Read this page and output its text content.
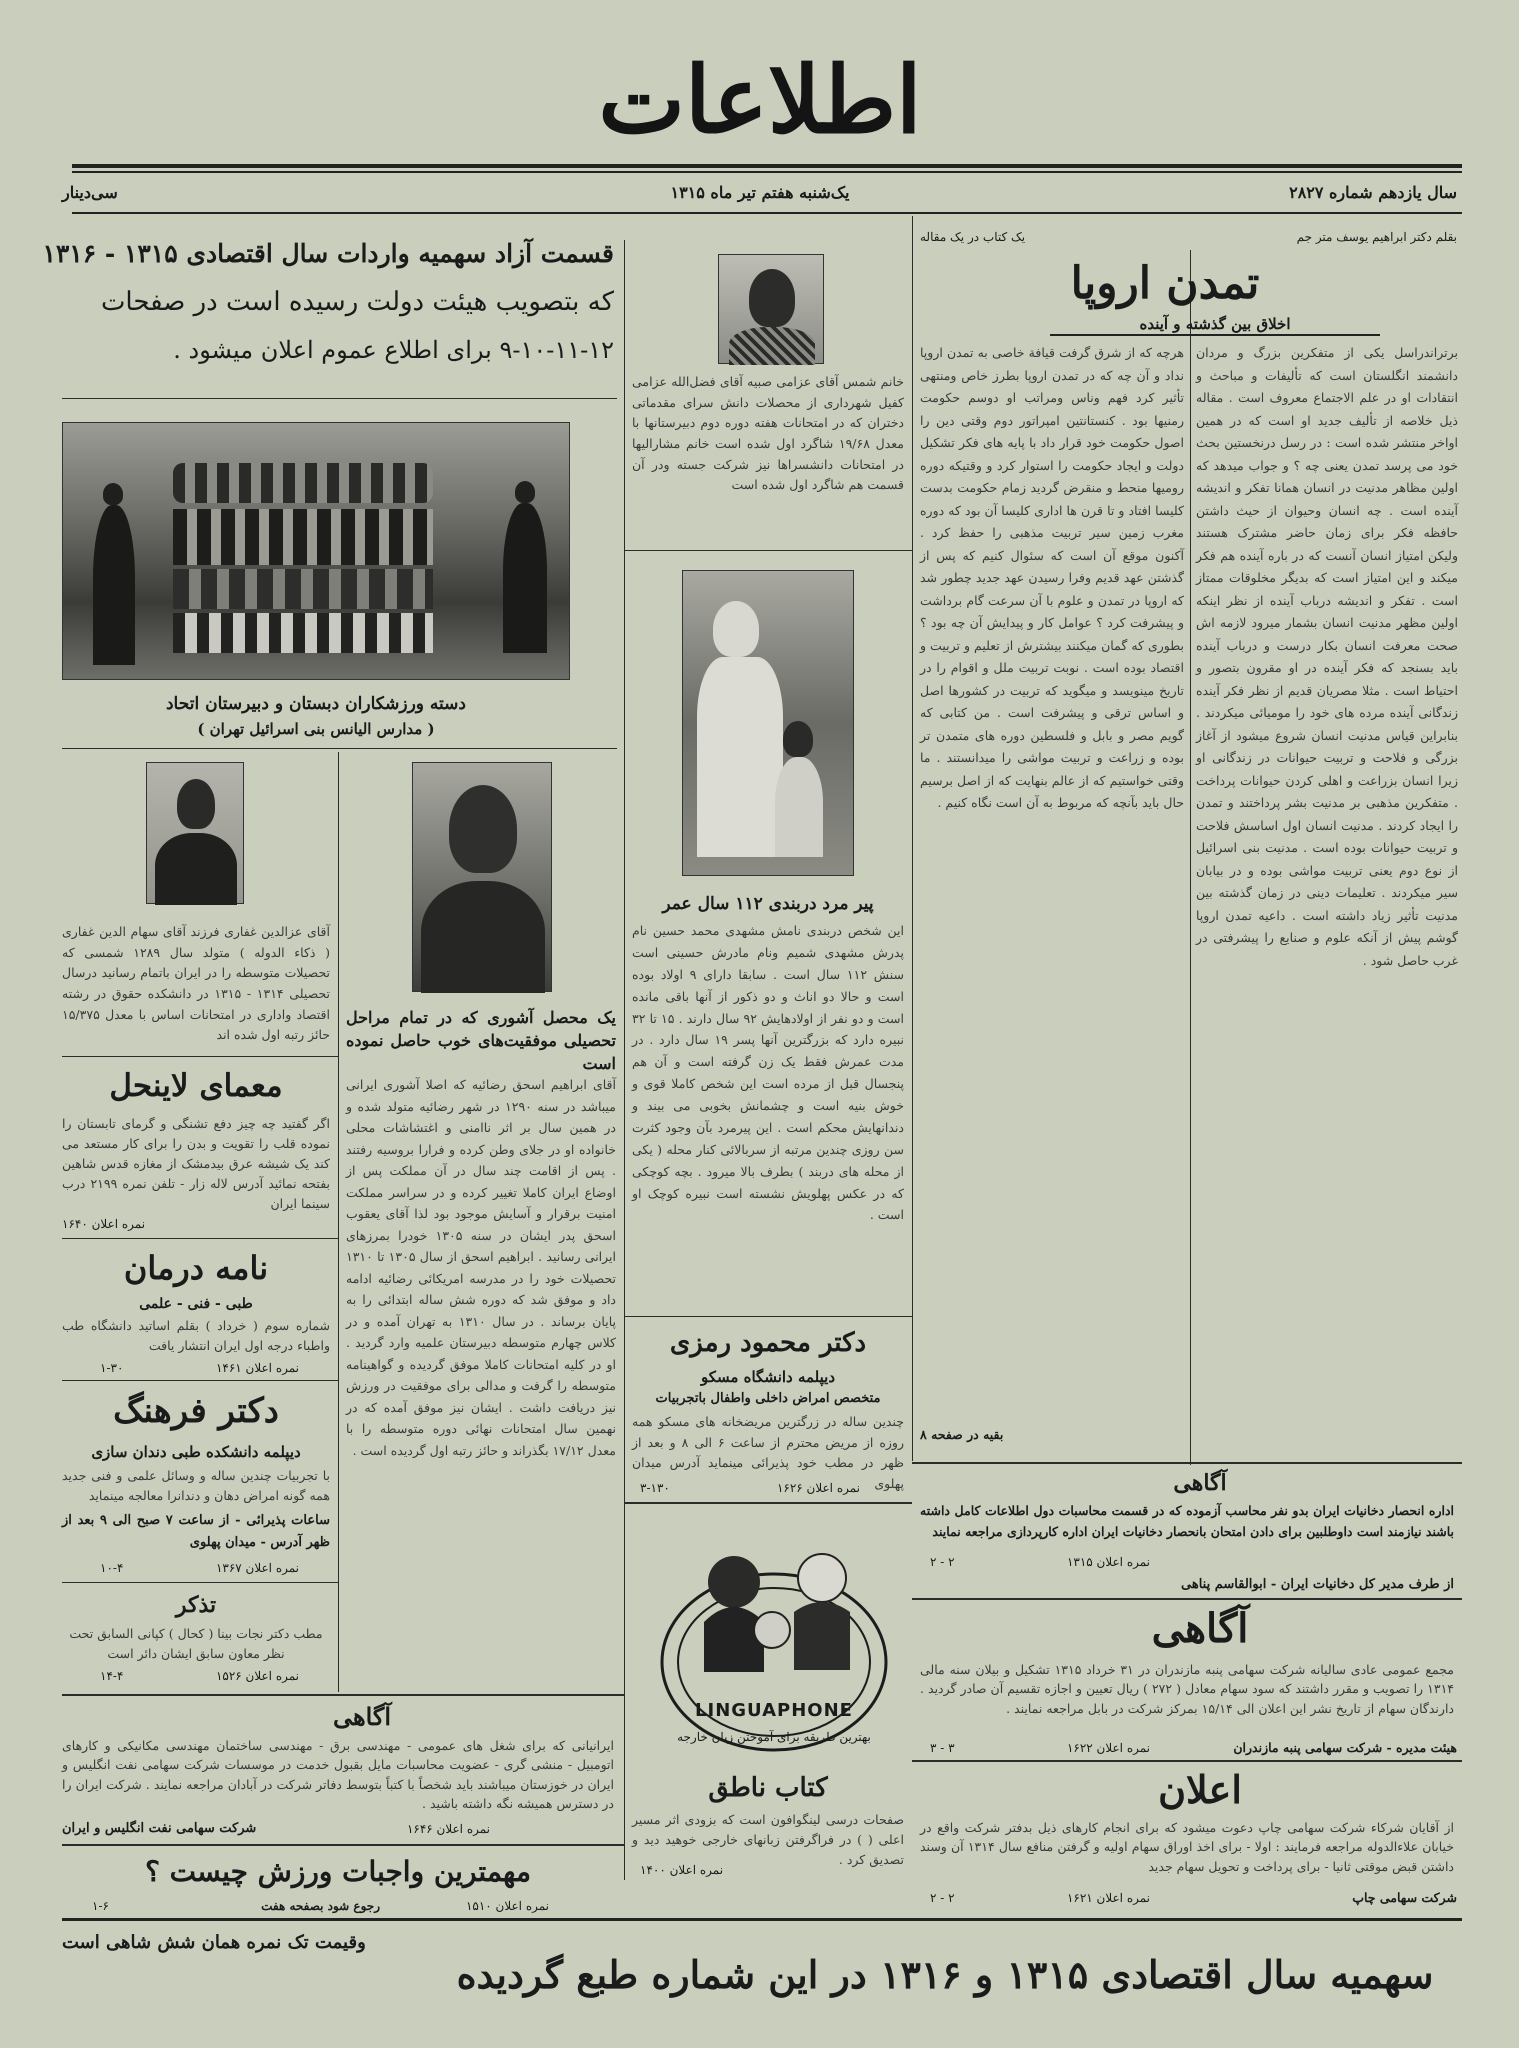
اطلاعات
سال یازدهم شماره ۲۸۲۷
یک‌شنبه هفتم تیر ماه ۱۳۱۵
سی‌دینار
قسمت آزاد سهمیه واردات سال اقتصادی ۱۳۱۵ - ۱۳۱۶
که بتصویب هیئت دولت رسیده است در صفحات
۹-۱۰-۱۱-۱۲ برای اطلاع عموم اعلان میشود .
دسته ورزشکاران دبستان و دبیرستان اتحاد
( مدارس الیانس بنی اسرائیل تهران )
آقای عزالدین غفاری فرزند آقای سهام الدین غفاری ( ذکاء الدوله ) متولد سال ۱۲۸۹ شمسی که تحصیلات متوسطه را در ایران باتمام رسانید درسال تحصیلی ۱۳۱۴ - ۱۳۱۵ در دانشکده حقوق در رشته اقتصاد واداری در امتحانات اساس با معدل ۱۵/۳۷۵ حائز رتبه اول شده اند
معمای لاینحل
اگر گفتید چه چیز دفع تشنگی و گرمای تابستان را نموده قلب را تقویت و بدن را برای کار مستعد می کند یک شیشه عرق بیدمشک از مغازه قدس شاهین بفتحه نمائید آدرس لاله زار - تلفن نمره ۲۱۹۹ درب سینما ایران
نمره اعلان ۱۶۴۰
نامه درمان
طبی - فنی - علمی
شماره سوم ( خرداد ) بقلم اساتید دانشگاه طب واطباء درجه اول ایران انتشار یافت
نمره اعلان ۱۴۶۱
۱-۳۰
دکتر فرهنگ
دیپلمه دانشکده طبی دندان سازی
با تجربیات چندین ساله و وسائل علمی و فنی جدید همه گونه امراض دهان و دندانرا معالجه مینماید
ساعات پذیرائی - از ساعت ۷ صبح الی ۹ بعد از ظهر آدرس - میدان پهلوی
نمره اعلان ۱۳۶۷
۱۰-۴
تذکر
مطب دکتر نجات بینا ( کحال ) کپانی السابق تحت نظر معاون سابق ایشان دائر است
نمره اعلان ۱۵۲۶
۱۴-۴
یک محصل آشوری که در تمام مراحل تحصیلی موفقیت‌های خوب حاصل نموده است
آقای ابراهیم اسحق رضائیه که اصلا آشوری ایرانی میباشد در سنه ۱۲۹۰ در شهر رضائیه متولد شده و در همین سال بر اثر ناامنی و اغتشاشات محلی خانواده او در جلای وطن کرده و فرارا بروسیه رفتند . پس از اقامت چند سال در آن مملکت پس از اوضاع ایران کاملا تغییر کرده و در سراسر مملکت امنیت برقرار و آسایش موجود بود لذا آقای یعقوب اسحق پدر ایشان در سنه ۱۳۰۵ خودرا بمرزهای ایرانی رسانید . ابراهیم اسحق از سال ۱۳۰۵ تا ۱۳۱۰ تحصیلات خود را در مدرسه امریکائی رضائیه ادامه داد و موفق شد که دوره شش ساله ابتدائی را به پایان برساند . در سال ۱۳۱۰ به تهران آمده و در کلاس چهارم متوسطه دبیرستان علمیه وارد گردید . او در کلیه امتحانات کاملا موفق گردیده و گواهینامه متوسطه را گرفت و مدالی برای موفقیت در ورزش نیز دریافت داشت . ایشان نیز موفق آمده که در نهمین سال امتحانات نهائی دوره متوسطه را با معدل ۱۷/۱۲ بگذراند و حائز رتبه اول گردیده است .
خانم شمس آقای عزامی صبیه آقای فضل‌الله عزامی کفیل شهرداری از محصلات دانش سرای مقدماتی دختران که در امتحانات هفته دوره دوم دبیرستانها با معدل ۱۹/۶۸ شاگرد اول شده است خانم مشارالیها در امتحانات دانشسراها نیز شرکت جسته ودر آن قسمت هم شاگرد اول شده است
پیر مرد دربندی ۱۱۲ سال عمر
این شخص دربندی نامش مشهدی محمد حسین نام پدرش مشهدی شمیم ونام مادرش حسینی است سنش ۱۱۲ سال است . سابقا دارای ۹ اولاد بوده است و حالا دو اناث و دو ذکور از آنها باقی مانده است و دو نفر از اولادهایش ۹۲ سال دارند . ۱۵ تا ۳۲ نبیره دارد که بزرگترین آنها پسر ۱۹ سال دارد . در مدت عمرش فقط یک زن گرفته است و آن هم پنجسال قبل از مرده است این شخص کاملا قوی و خوش بنیه است و چشمانش بخوبی می بیند و دندانهایش محکم است . این پیرمرد بآن وجود کثرت سن روزی چندین مرتبه از سربالائی کنار محله ( یکی از محله های دربند ) بطرف بالا میرود . بچه کوچکی که در عکس پهلویش نشسته است نبیره کوچک او است .
دکتر محمود رمزی
دیپلمه دانشگاه مسکو
متخصص امراض داخلی واطفال باتجربیات
چندین ساله در زرگترین مریضخانه های مسکو همه روزه از مریض محترم از ساعت ۶ الی ۸ و بعد از ظهر در مطب خود پذیرائی مینماید آدرس میدان پهلوی
نمره اعلان ۱۶۲۶
۳-۱۳۰
LINGUAPHONE
بهترین طریقه برای آموختن زبان خارجه
کتاب ناطق
صفحات درسی لینگوافون است که بزودی اثر مسیر اعلی ( ) در فراگرفتن زبانهای خارجی خوهید دید و تصدیق کرد .
نمره اعلان ۱۴۰۰
بقلم دکتر ابراهیم یوسف متر جم
یک کتاب در یک مقاله
تمدن اروپا
اخلاق بین گذشته و آینده
برتراندراسل یکی از متفکرین بزرگ و مردان دانشمند انگلستان است که تألیفات و مباحث و انتقادات او در علم الاجتماع معروف است . مقاله ذیل خلاصه از تألیف جدید او است که در همین اواخر منتشر شده است : در رسل درنخستین بحث خود می پرسد تمدن یعنی چه ؟ و جواب میدهد که اولین مظاهر مدنیت در انسان همانا تفکر و اندیشه آینده است . چه انسان وحیوان از حیث داشتن حافظه فکر برای زمان حاضر مشترک هستند ولیکن امتیاز انسان آنست که در باره آینده هم فکر میکند و این امتیاز است که بدیگر مخلوقات ممتاز است . تفکر و اندیشه درباب آینده از نظر اینکه اولین مظهر مدنیت انسان بشمار میرود لازمه اش صحت معرفت انسان بکار درست و درباب آینده باید بسنجد که فکر آینده در او مقرون بتصور و احتیاط است . مثلا مصریان قدیم از نظر فکر آینده زندگانی آینده مرده های خود را مومیائی میکردند . بنابراین قیاس مدنیت انسان شروع میشود از آغاز بزرگی و فلاحت و تربیت حیوانات در زندگانی او زیرا انسان بزراعت و اهلی کردن حیوانات پرداخت . متفکرین مذهبی بر مدنیت بشر پرداختند و تمدن را ایجاد کردند . مدنیت انسان اول اساسش فلاحت و تربیت حیوانات بوده است . مدنیت بنی اسرائیل از نوع دوم یعنی تربیت مواشی بوده و در بیابان سیر میکردند . تعلیمات دینی در زمان گذشته بین مدنیت تأثیر زیاد داشته است . داعیه تمدن اروپا گوشم پیش از آنکه علوم و صنایع را پیشرفتی در غرب حاصل شود .
هرچه که از شرق گرفت قیافة خاصی به تمدن اروپا نداد و آن چه که در تمدن اروپا بطرز خاص ومنتهی تأثیر کرد فهم وناس ومراتب او دوسم حکومت رمنیها بود . کنستانتین امپراتور دوم وقتی دین را اصول حکومت خود قرار داد با پایه های فکر تشکیل دولت و ایجاد حکومت را استوار کرد و وقتیکه دوره رومیها منحط و منقرض گردید زمام حکومت بدست کلیسا افتاد و تا قرن ها اداری کلیسا آن بود که دوره مغرب زمین سیر تربیت مذهبی را حفظ کرد . آکنون موقع آن است که سئوال کنیم که پس از گذشتن عهد قدیم وفرا رسیدن عهد جدید چطور شد که اروپا در تمدن و علوم با آن سرعت گام برداشت و پیشرفت کرد ؟ عوامل کار و پیدایش آن چه بود ؟ بطوری که گمان میکنند بیشترش از تعلیم و تربیت و اقتصاد بوده است . نوبت تربیت ملل و اقوام را در تاریخ مینویسد و میگوید که تربیت در کشورها اصل و اساس ترقی و پیشرفت است . من کتابی که گویم مصر و بابل و فلسطین دوره های متمدن تر بوده و زراعت و تربیت مواشی را میدانستند . ما وقتی خواستیم که از عالم بنهایت که از اصل برسیم حال باید بآنچه که مربوط به آن است نگاه کنیم .
بقیه در صفحه ۸
آگاهی
اداره انحصار دخانیات ایران بدو نفر محاسب آزموده که در قسمت محاسبات دول اطلاعات کامل داشته باشند نیازمند است داوطلبین برای دادن امتحان بانحصار دخانیات ایران اداره کارپردازی مراجعه نمایند
نمره اعلان ۱۳۱۵
۲ - ۲
از طرف مدیر کل دخانیات ایران - ابوالقاسم پناهی
آگاهی
مجمع عمومی عادی سالیانه شرکت سهامی پنبه مازندران در ۳۱ خرداد ۱۳۱۵ تشکیل و بیلان سنه مالی ۱۳۱۴ را تصویب و مقرر داشتند که سود سهام معادل ( ۲۷۲ ) ریال تعیین و اجازه تقسیم آن صادر گردید . دارندگان سهام از تاریخ نشر این اعلان الی ۱۵/۱۴ بمرکز شرکت در بابل مراجعه نمایند .
هیئت مدیره - شرکت سهامی پنبه مازندران
نمره اعلان ۱۶۲۲
۳ - ۳
اعلان
از آقایان شرکاء شرکت سهامی چاپ دعوت میشود که برای انجام کارهای ذیل بدفتر شرکت واقع در خیابان علاءالدوله مراجعه فرمایند : اولا - برای اخذ اوراق سهام اولیه و گرفتن منافع سال ۱۳۱۴ آن وسند داشتن قبض موقتی ثانیا - برای پرداخت و تحویل سهام جدید
شرکت سهامی چاپ
نمره اعلان ۱۶۲۱
۲ - ۲
آگاهی
ایرانیانی که برای شغل های عمومی - مهندسی برق - مهندسی ساختمان مهندسی مکانیکی و کارهای اتومبیل - منشی گری - عضویت محاسبات مایل بقبول خدمت در موسسات شرکت سهامی نفت انگلیس و ایران در خوزستان میباشند باید شخصاً با کتباً بتوسط دفاتر شرکت در آبادان مراجعه نمایند . شرکت ایران را در دسترس همیشه نگه داشته باشید .
شرکت سهامی نفت انگلیس و ایران	نمره اعلان ۱۶۴۶
مهمترین واجبات ورزش چیست ؟
رجوع شود بصفحه هفت	نمره اعلان ۱۵۱۰
۱-۶
وقیمت تک نمره همان شش شاهی است
سهمیه سال اقتصادی ۱۳۱۵ و ۱۳۱۶ در این شماره طبع گردیده
